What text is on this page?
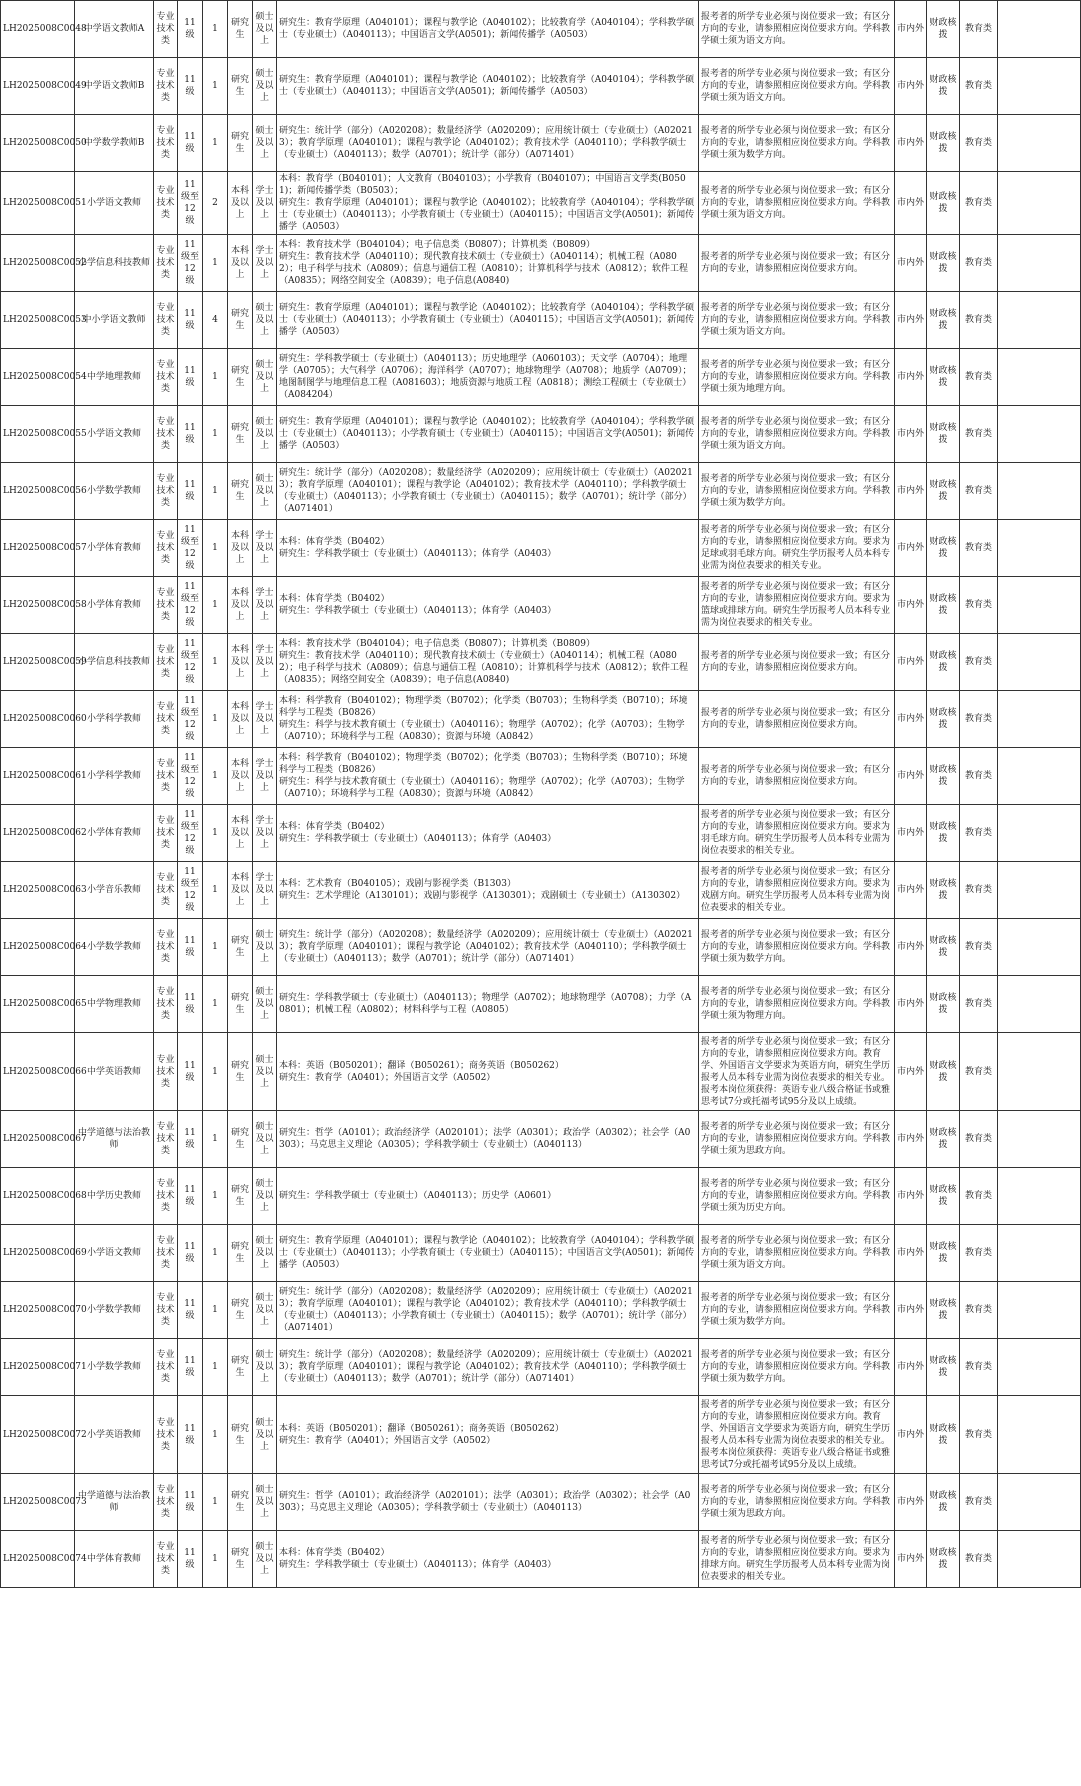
LH2025008C0048	中学语文教师A	专业技术类	11级	1	研究生	硕士及以上	研究生：教育学原理（A040101）；课程与教学论（A040102）；比较教育学（A040104）；学科教学硕士（专业硕士）（A040113）；中国语言文学(A0501)；新闻传播学（A0503）	报考者的所学专业必须与岗位要求一致；有区分方向的专业，请参照相应岗位要求方向。学科教学硕士须为语文方向。	市内外	财政核拨	教育类	
LH2025008C0049	中学语文教师B	专业技术类	11级	1	研究生	硕士及以上	研究生：教育学原理（A040101）；课程与教学论（A040102）；比较教育学（A040104）；学科教学硕士（专业硕士）（A040113）；中国语言文学(A0501)；新闻传播学（A0503）	报考者的所学专业必须与岗位要求一致；有区分方向的专业，请参照相应岗位要求方向。学科教学硕士须为语文方向。	市内外	财政核拨	教育类	
LH2025008C0050	中学数学教师B	专业技术类	11级	1	研究生	硕士及以上	研究生：统计学（部分）（A020208）；数量经济学（A020209）；应用统计硕士（专业硕士）（A020213）；教育学原理（A040101）；课程与教学论（A040102）；教育技术学（A040110）；学科教学硕士（专业硕士）（A040113）；数学（A0701）；统计学（部分）（A071401）	报考者的所学专业必须与岗位要求一致；有区分方向的专业，请参照相应岗位要求方向。学科教学硕士须为数学方向。	市内外	财政核拨	教育类	
LH2025008C0051	小学语文教师	专业技术类	11级至12级	2	本科及以上	学士及以上	本科：教育学（B040101）；人文教育（B040103）；小学教育（B040107）；中国语言文学类(B0501)；新闻传播学类（B0503）；
研究生：教育学原理（A040101）；课程与教学论（A040102）；比较教育学（A040104）；学科教学硕士（专业硕士）（A040113）；小学教育硕士（专业硕士）（A040115）；中国语言文学(A0501)；新闻传播学（A0503）	报考者的所学专业必须与岗位要求一致；有区分方向的专业，请参照相应岗位要求方向。学科教学硕士须为语文方向。	市内外	财政核拨	教育类	
LH2025008C0052	小学信息科技教师	专业技术类	11级至12级	1	本科及以上	学士及以上	本科：教育技术学（B040104）；电子信息类（B0807）；计算机类（B0809）
研究生：教育技术学（A040110）；现代教育技术硕士（专业硕士）（A040114）；机械工程（A0802）；电子科学与技术（A0809）；信息与通信工程（A0810）；计算机科学与技术（A0812）；软件工程（A0835）；网络空间安全（A0839）；电子信息(A0840)	报考者的所学专业必须与岗位要求一致；有区分方向的专业，请参照相应岗位要求方向。	市内外	财政核拨	教育类	
LH2025008C0053	中小学语文教师	专业技术类	11级	4	研究生	硕士及以上	研究生：教育学原理（A040101）；课程与教学论（A040102）；比较教育学（A040104）；学科教学硕士（专业硕士）（A040113）；小学教育硕士（专业硕士）（A040115）；中国语言文学(A0501)；新闻传播学（A0503）	报考者的所学专业必须与岗位要求一致；有区分方向的专业，请参照相应岗位要求方向。学科教学硕士须为语文方向。	市内外	财政核拨	教育类	
LH2025008C0054	中学地理教师	专业技术类	11级	1	研究生	硕士及以上	研究生：学科教学硕士（专业硕士）（A040113）；历史地理学（A060103）；天文学（A0704）；地理学（A0705）；大气科学（A0706）；海洋科学（A0707）；地球物理学（A0708）；地质学（A0709）；地图制图学与地理信息工程（A081603）；地质资源与地质工程（A0818）；测绘工程硕士（专业硕士）（A084204）	报考者的所学专业必须与岗位要求一致；有区分方向的专业，请参照相应岗位要求方向。学科教学硕士须为地理方向。	市内外	财政核拨	教育类	
LH2025008C0055	小学语文教师	专业技术类	11级	1	研究生	硕士及以上	研究生：教育学原理（A040101）；课程与教学论（A040102）；比较教育学（A040104）；学科教学硕士（专业硕士）（A040113）；小学教育硕士（专业硕士）（A040115）；中国语言文学(A0501)；新闻传播学（A0503）	报考者的所学专业必须与岗位要求一致；有区分方向的专业，请参照相应岗位要求方向。学科教学硕士须为语文方向。	市内外	财政核拨	教育类	
LH2025008C0056	小学数学教师	专业技术类	11级	1	研究生	硕士及以上	研究生：统计学（部分）（A020208）；数量经济学（A020209）；应用统计硕士（专业硕士）（A020213）；教育学原理（A040101）；课程与教学论（A040102）；教育技术学（A040110）；学科教学硕士（专业硕士）（A040113）；小学教育硕士（专业硕士）（A040115）；数学（A0701）；统计学（部分）（A071401）	报考者的所学专业必须与岗位要求一致；有区分方向的专业，请参照相应岗位要求方向。学科教学硕士须为数学方向。	市内外	财政核拨	教育类	
LH2025008C0057	小学体育教师	专业技术类	11级至12级	1	本科及以上	学士及以上	本科：体育学类（B0402）
研究生：学科教学硕士（专业硕士）（A040113）；体育学（A0403）	报考者的所学专业必须与岗位要求一致；有区分方向的专业，请参照相应岗位要求方向。要求为足球或羽毛球方向。研究生学历报考人员本科专业需为岗位表要求的相关专业。	市内外	财政核拨	教育类	
LH2025008C0058	小学体育教师	专业技术类	11级至12级	1	本科及以上	学士及以上	本科：体育学类（B0402）
研究生：学科教学硕士（专业硕士）（A040113）；体育学（A0403）	报考者的所学专业必须与岗位要求一致；有区分方向的专业，请参照相应岗位要求方向。要求为篮球或排球方向。研究生学历报考人员本科专业需为岗位表要求的相关专业。	市内外	财政核拨	教育类	
LH2025008C0059	小学信息科技教师	专业技术类	11级至12级	1	本科及以上	学士及以上	本科：教育技术学（B040104）；电子信息类（B0807）；计算机类（B0809）
研究生：教育技术学（A040110）；现代教育技术硕士（专业硕士）（A040114）；机械工程（A0802）；电子科学与技术（A0809）；信息与通信工程（A0810）；计算机科学与技术（A0812）；软件工程（A0835）；网络空间安全（A0839）；电子信息(A0840)	报考者的所学专业必须与岗位要求一致；有区分方向的专业，请参照相应岗位要求方向。	市内外	财政核拨	教育类	
LH2025008C0060	小学科学教师	专业技术类	11级至12级	1	本科及以上	学士及以上	本科：科学教育（B040102）；物理学类（B0702）；化学类（B0703）；生物科学类（B0710）；环境科学与工程类（B0826）
研究生：科学与技术教育硕士（专业硕士）（A040116）；物理学（A0702）；化学（A0703）；生物学（A0710）；环境科学与工程（A0830）；资源与环境（A0842）	报考者的所学专业必须与岗位要求一致；有区分方向的专业，请参照相应岗位要求方向。	市内外	财政核拨	教育类	
LH2025008C0061	小学科学教师	专业技术类	11级至12级	1	本科及以上	学士及以上	本科：科学教育（B040102）；物理学类（B0702）；化学类（B0703）；生物科学类（B0710）；环境科学与工程类（B0826）
研究生：科学与技术教育硕士（专业硕士）（A040116）；物理学（A0702）；化学（A0703）；生物学（A0710）；环境科学与工程（A0830）；资源与环境（A0842）	报考者的所学专业必须与岗位要求一致；有区分方向的专业，请参照相应岗位要求方向。	市内外	财政核拨	教育类	
LH2025008C0062	小学体育教师	专业技术类	11级至12级	1	本科及以上	学士及以上	本科：体育学类（B0402）
研究生：学科教学硕士（专业硕士）（A040113）；体育学（A0403）	报考者的所学专业必须与岗位要求一致；有区分方向的专业，请参照相应岗位要求方向。要求为羽毛球方向。研究生学历报考人员本科专业需为岗位表要求的相关专业。	市内外	财政核拨	教育类	
LH2025008C0063	小学音乐教师	专业技术类	11级至12级	1	本科及以上	学士及以上	本科：艺术教育（B040105）；戏剧与影视学类（B1303）
研究生：艺术学理论（A130101）；戏剧与影视学（A130301）；戏剧硕士（专业硕士）（A130302）	报考者的所学专业必须与岗位要求一致；有区分方向的专业，请参照相应岗位要求方向。要求为戏剧方向。研究生学历报考人员本科专业需为岗位表要求的相关专业。	市内外	财政核拨	教育类	
LH2025008C0064	小学数学教师	专业技术类	11级	1	研究生	硕士及以上	研究生：统计学（部分）（A020208）；数量经济学（A020209）；应用统计硕士（专业硕士）（A020213）；教育学原理（A040101）；课程与教学论（A040102）；教育技术学（A040110）；学科教学硕士（专业硕士）（A040113）；数学（A0701）；统计学（部分）（A071401）	报考者的所学专业必须与岗位要求一致；有区分方向的专业，请参照相应岗位要求方向。学科教学硕士须为数学方向。	市内外	财政核拨	教育类	
LH2025008C0065	中学物理教师	专业技术类	11级	1	研究生	硕士及以上	研究生：学科教学硕士（专业硕士）（A040113）；物理学（A0702）；地球物理学（A0708）；力学（A0801）；机械工程（A0802）；材料科学与工程（A0805）	报考者的所学专业必须与岗位要求一致；有区分方向的专业，请参照相应岗位要求方向。学科教学硕士须为物理方向。	市内外	财政核拨	教育类	
LH2025008C0066	中学英语教师	专业技术类	11级	1	研究生	硕士及以上	本科：英语（B050201）；翻译（B050261）；商务英语（B050262）
研究生：教育学（A0401）；外国语言文学（A0502）	报考者的所学专业必须与岗位要求一致；有区分方向的专业，请参照相应岗位要求方向。教育学、外国语言文学要求为英语方向，研究生学历报考人员本科专业需为岗位表要求的相关专业。报考本岗位须获得：英语专业八级合格证书或雅思考试7分或托福考试95分及以上成绩。	市内外	财政核拨	教育类	
LH2025008C0067	中学道德与法治教师	专业技术类	11级	1	研究生	硕士及以上	研究生：哲学（A0101）；政治经济学（A020101）；法学（A0301）；政治学（A0302）；社会学（A0303）；马克思主义理论（A0305）；学科教学硕士（专业硕士）（A040113）	报考者的所学专业必须与岗位要求一致；有区分方向的专业，请参照相应岗位要求方向。学科教学硕士须为思政方向。	市内外	财政核拨	教育类	
LH2025008C0068	中学历史教师	专业技术类	11级	1	研究生	硕士及以上	研究生：学科教学硕士（专业硕士）（A040113）；历史学（A0601）	报考者的所学专业必须与岗位要求一致；有区分方向的专业，请参照相应岗位要求方向。学科教学硕士须为历史方向。	市内外	财政核拨	教育类	
LH2025008C0069	小学语文教师	专业技术类	11级	1	研究生	硕士及以上	研究生：教育学原理（A040101）；课程与教学论（A040102）；比较教育学（A040104）；学科教学硕士（专业硕士）（A040113）；小学教育硕士（专业硕士）（A040115）；中国语言文学(A0501)；新闻传播学（A0503）	报考者的所学专业必须与岗位要求一致；有区分方向的专业，请参照相应岗位要求方向。学科教学硕士须为语文方向。	市内外	财政核拨	教育类	
LH2025008C0070	小学数学教师	专业技术类	11级	1	研究生	硕士及以上	研究生：统计学（部分）（A020208）；数量经济学（A020209）；应用统计硕士（专业硕士）（A020213）；教育学原理（A040101）；课程与教学论（A040102）；教育技术学（A040110）；学科教学硕士（专业硕士）（A040113）；小学教育硕士（专业硕士）（A040115）；数学（A0701）；统计学（部分）（A071401）	报考者的所学专业必须与岗位要求一致；有区分方向的专业，请参照相应岗位要求方向。学科教学硕士须为数学方向。	市内外	财政核拨	教育类	
LH2025008C0071	小学数学教师	专业技术类	11级	1	研究生	硕士及以上	研究生：统计学（部分）（A020208）；数量经济学（A020209）；应用统计硕士（专业硕士）（A020213）；教育学原理（A040101）；课程与教学论（A040102）；教育技术学（A040110）；学科教学硕士（专业硕士）（A040113）；数学（A0701）；统计学（部分）（A071401）	报考者的所学专业必须与岗位要求一致；有区分方向的专业，请参照相应岗位要求方向。学科教学硕士须为数学方向。	市内外	财政核拨	教育类	
LH2025008C0072	小学英语教师	专业技术类	11级	1	研究生	硕士及以上	本科：英语（B050201）；翻译（B050261）；商务英语（B050262）
研究生：教育学（A0401）；外国语言文学（A0502）	报考者的所学专业必须与岗位要求一致；有区分方向的专业，请参照相应岗位要求方向。教育学、外国语言文学要求为英语方向，研究生学历报考人员本科专业需为岗位表要求的相关专业。报考本岗位须获得：英语专业八级合格证书或雅思考试7分或托福考试95分及以上成绩。	市内外	财政核拨	教育类	
LH2025008C0073	中学道德与法治教师	专业技术类	11级	1	研究生	硕士及以上	研究生：哲学（A0101）；政治经济学（A020101）；法学（A0301）；政治学（A0302）；社会学（A0303）；马克思主义理论（A0305）；学科教学硕士（专业硕士）（A040113）	报考者的所学专业必须与岗位要求一致；有区分方向的专业，请参照相应岗位要求方向。学科教学硕士须为思政方向。	市内外	财政核拨	教育类	
LH2025008C0074	中学体育教师	专业技术类	11级	1	研究生	硕士及以上	本科：体育学类（B0402）
研究生：学科教学硕士（专业硕士）（A040113）；体育学（A0403）	报考者的所学专业必须与岗位要求一致；有区分方向的专业，请参照相应岗位要求方向。要求为排球方向。研究生学历报考人员本科专业需为岗位表要求的相关专业。	市内外	财政核拨	教育类	
